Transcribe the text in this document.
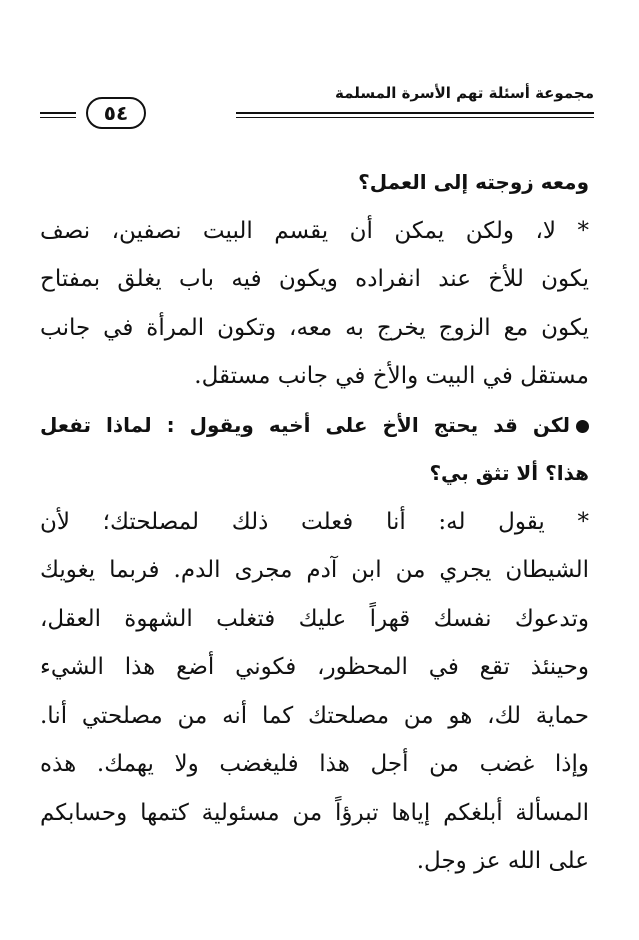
مجموعة أسئلة تهم الأسرة المسلمة
٥٤
ومعه زوجته إلى العمل؟
* لا، ولكن يمكن أن يقسم البيت نصفين، نصف
يكون للأخ عند انفراده ويكون فيه باب يغلق بمفتاح
يكون مع الزوج يخرج به معه، وتكون المرأة في جانب
مستقل في البيت والأخ في جانب مستقل.
لكن قد يحتج الأخ على أخيه ويقول : لماذا تفعل
هذا؟ ألا تثق بي؟
* يقول له: أنا فعلت ذلك لمصلحتك؛ لأن
الشيطان يجري من ابن آدم مجرى الدم. فربما يغويك
وتدعوك نفسك قهراً عليك فتغلب الشهوة العقل،
وحينئذ تقع في المحظور، فكوني أضع هذا الشيء
حماية لك، هو من مصلحتك كما أنه من مصلحتي أنا.
وإذا غضب من أجل هذا فليغضب ولا يهمك. هذه
المسألة أبلغكم إياها تبرؤاً من مسئولية كتمها وحسابكم
على الله عز وجل.
